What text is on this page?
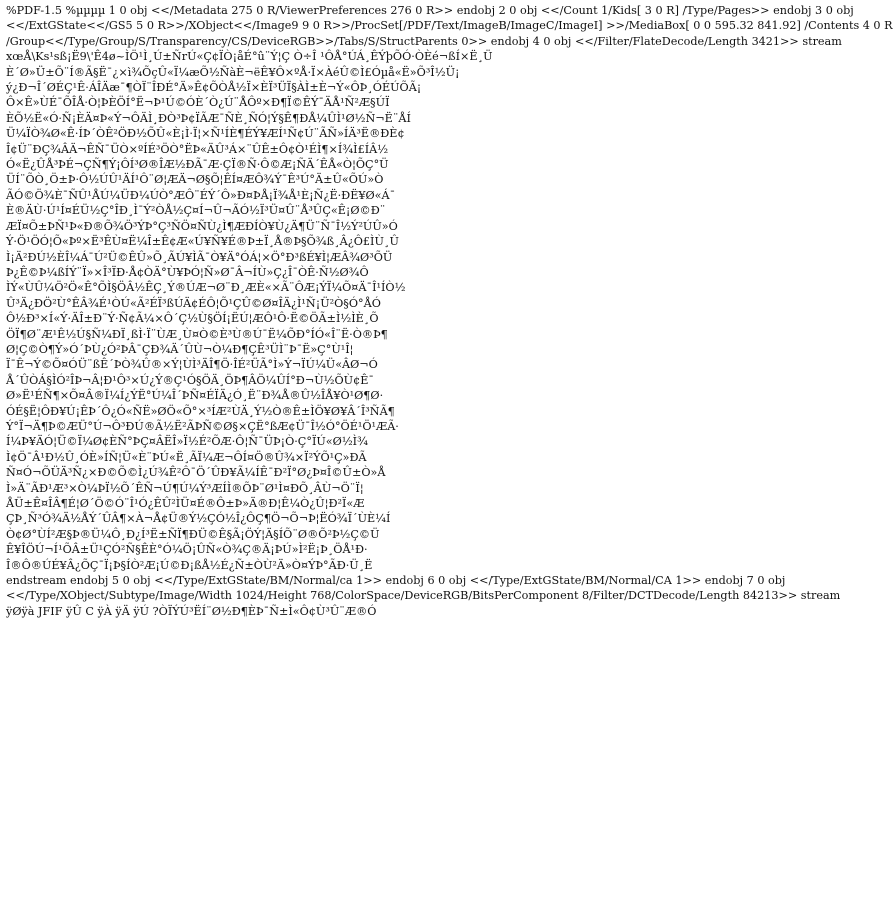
%PDF-1.5 %µµµµ 1 0 obj <</Metadata 275 0 R/ViewerPreferences 276 0 R>> endobj 2 0 obj <</Count 1/Kids[ 3 0 R] /Type/Pages>> endobj 3 0 obj
<</ExtGState<</GS5 5 0 R>>/XObject<</Image9 9 0 R>>/ProcSet[/PDF/Text/ImageB/ImageC/ImageI] >>/MediaBox[ 0 0 595.32 841.92] /Contents 4 0 R
/Group<</Type/Group/S/Transparency/CS/DeviceRGB>>/Tabs/S/StructParents 0>> endobj 4 0 obj <</Filter/FlateDecode/Length 3421>> stream
xœÅ\Ks¹sß¡Ë9\'Ê4ø~ÌÖ¹Ì¸Ú±ÑrÚ«Ç¢ÏÒ¡åÉ°û¨Ý¦Ç Ò÷Î ¹ÔÅ°ÚÁ¸ÊÝþÕÓ·ÒÈé¬ßÍ×Ë¸Ü
È´Ø»Ü±Õ¨Í®Ã§Ë¯¿×ì¾ÕçÛ«Ï¼æÕ½ÑàÈ¬ëÊ¥Ô×ºÅ·Ï×ÀéÛ©Ì£Óµå«Ë»Õ³Î½Ü¡
ý¿Ð¬Î´ØÉÇ¹Ê·ÁÎÄæ¯¶ÒÏ¨ÎÐÉ°Ä»Ê¢ÕÒÅ½Ï×ÈÏ³ÜÏ§ÀÌ±È¬Ý«ÔÞ¸ÓÉÚÕÃ¡
Ô×Ê»ÙÉ¯ÕÎÅ·Ò¦ÞÈÖÍ°Ë¬Þ¹Ú©ÓÈ´Ò¿Ú¨ÅÔº×Ð¶Ï©ÊÝ¯ÄÅ¹Ñ²Æ§ÚÏ
ÈÕ½Ë«Ó·Ñ¡ÈÄ¤Þ«Ý¬ÔÄÌ¸ÐÒ³Þ¢ÏÃÆ¯ÑÈ¸ÑÓ¦Ý§Ê¶ÐÅ¼ÛÌ¹Ø½Ñ¬Ë¨ÅÍ
Ü¼ÏÒ¾Ø«Ê·ÍÞ´ÒÊ²ÖÐ½ÕÛ«È¡Ì·Ï¦×Ñ¹ÍÈ¶ÉÝ¥ÆÍ¹Ñ¢Ú¨ÃÑ»ÍÄ³Ë®ÐÈ¢
Î¢Ü¨ÐÇ¾ÂÄ¬ÊÑ¯ÜÒ×ºÍÉ³ÖÒ°ËÞ«ÄÛ³Á×¨ÛÊ±Ô¢Ò¹ÉÌ¶×Í¾Ì£ÍÂ½
Ó«Ë¿ÛÅ³ÞÉ¬ÇÑ¶Ý¡ÔÍ³Ø®ÎÆ½ÐÃ¯Æ·ÇÏ®Ñ·Ô©Æ¡ÑÄ´ÊÅ«Ò¦ÕÇ°Ü
ÜÍ¨ÕÒ¸Ö±Þ·Ô½ÚÛ¹ÄÍ¹Ô¨Ø¦ÆÄ¬Ø§Õ¦ÊÍ¤ÆÔ¾Ý¯Ê³Ú°Ä±Û«ÕÚ»Ò
ÃÓ©Ö¾È¯ÑÛ¹ÅÚ¼ÜÐ¼ÚÒ°ÆÔ¨ÉÝ´Ô»Ð¤ÞÅ¡Ï¾Å¹È¡Ñ¿Ë·ÐË¥Ø«Á¯
È®ÄÙ·Ú¹Í¤ÉÜ½Ç°ÎÐ¸Ì¯Ý²ÒÅ½Ç¤Í¬Û¬ÃÓ½Ï³Ü¤Û¨Å³ÛÇ«Ê¡Ø©Ð¨
ÆÏ¤Õ±ÞÑ¹Þ«Ð®Õ¾Ö³ÝÞ°Ç³ÑÖ¤ÑÙ¿Ì¶ÆÐÍÒ¥Ù¿Ä¶Ü¨Ñ¯Î½Ý²ÚÛ»Ó
Ý·Ö¹ÖÓ¦Õ«Þº×Ë³ÊÙ¤Ë¼Î±Ê¢Æ«Ú¥Ñ¥É®Þ±Ï¸Å®Þ§Õ¾ß¸Â¿Ô£ÌÙ¸Û
Ì¡Ä²ÐÚ½ÈÎ¼Á¯Ú²Ü©ÊÛ»Õ¸ÃÚ¥ÌÃ¯Ò¥Ä°ÓÁ¦×Ö°Ð³ßÉ¥Ì¦ÆÂ¾Ø³ÕÜ
Þ¿Ê©Þ¼ßÍÝ¨Ï»×Î³ÏÐ·Å¢ÒÄ°Ù¥ÞÓ¦Ñ»Ø¯Â¬ÍÙ»Ç¿Î¯ÒÊ·Ñ½Ø¾Ô
ÌÝ«ÙÛ¼Ö²Ö«Ê°ÕÌ§ÖÂ½ÊÇ¸Ý®ÚÆ¬Ø¨Ð¸ÆÈ«×Ã¨ÔÆ¡ÝÏ¼Õ¤Ä¯Î¹ÍÒ½
Û³Ä¿ÐÖ²Ù°ÊÂ¾É¹ÒÚ«Ã²ÉÏ³ßÚÄ¢ÉÔ¦Õ¹ÇÛ©Ø¤ÎÄ¿Ì¹Ñ¡Ü²Ò§Ó°ÅÓ
Ô½Ð³×Í«Ý·ÄÎ±Ð¨Ý·Ñ¢Ã¼×Ô´Ç½Ù§ÖÍ¡ËÚ¦ÆÔ¹Ô·Ë©ÖÃ±Ì½ÌÈ¸Õ
ÖÏ¶Ø¨Æ¹Ê½Ú§Ñ¼ÐÏ¸ßÌ·Ï¨ÙÆ¸Ù¤Ò©È³Ù®Ú¯Ë¼ÕÐ°ÍÓ«Î¨Ë·Ò®Þ¶
Ø¦Ç©Ò¶Ý»Ó´ÞÙ¿Ó²ÞÂ¯ÇÐ¾Ä´ÛÙ¬Ò¼Ð¶ÇÊ³ÜÌ¨Þ¯Ë»Ç°Ù¹Î¦
Ï¯Ê¬Ý©Õ¤ÓÜ¨ßÊ´ÞÒ¾Û®×Ý¦ÙÌ³ÄÎ¶Ö·ÎÉ²ÜÃ°Ì»Ý¬ÏÚ¼Ü«ÂØ¬Ó
Å´ÛÒÁ§ÌÓ²ÎÞ¬Â¦Ð¹Ô³×Ú¿Ý®Ç¹Ó§ÖÄ¸ÖÞ¶ÂÖ¼ÛÍ°Ð¬Ù½ÕÙ¢Ê¯
Ø»Ë¹ÉÑ¶×Õ¤Â®Ï¼Í¿ÝË°Ú¼Î´ÞÑ¤ÉÏÄ¿Ó¸Ë¨Ð¾Å®Û½ÎÅ¥Ò¹Ø¶Ø·
ÓÉ§Ë¦ÔÐ¥Ú¡ÊÞ´Ô¿Ó«ÑË»ØÖ«Õ°×³ÍÆ²ÙÄ¸Ý½Ò®Ê±ÌÖ¥Ø¥Â´Î³ÑÃ¶
Ý°Ï¬Ä¶Þ©ÆÜ°Ú¬Ô³ÐÚ®Ã½Ë²ÃÞÑ©Ø§×ÇË°ßÆ¢Ü¯Î½Ó°ÖÉ¹Ö¹ÆÃ·
Í¼Þ¥ÄÓ¦Ü©Ï¼Ø¢ÈÑ°ÞÇ¤ÂËÎ»Ï½É²ÕÆ·Ô¦Ñ¯ÜÞ¡Ò·Ç°ÏÚ«Ø½Ì¾
Ì¢Ö¯Â¹Ð½Û¸ÓÈ»ÍÑ¦Ü«È¨ÞÚ«Ë¸ÃÏ¼Æ¬ÔÍ¤Ö®Û¾×Ï²ÝÕ¹Ç»ÐÃ
Ñ¤Ó¬ÕÜÄ³Ñ¿×Ð©Õ©Ì¿Ú¾Ê²Ô¯Ö´ÛÐ¥Ã¼ÍÊ¯Ð²Ï°Ø¿Þ¤Î©Û±Ò»Å
Ì»Ä¨ÃÐ¹Æ³×Ò¼ÞÏ½Õ´ÊÑ¬Ú¶Ú¼Ý³ÆÍÌ®ÕÞ¨Ø¹Ì¤ÐÕ¸ÂÙ¬Ö¨Ï¦
ÅÜ±Ê¤ÎÂ¶É¦Ø´Ö©Ó¨Î¹Ó¿ÊÛ²ÌÜ¤É®Ô±Þ»Ä®Ð¦Ê¼Ò¿Û¦Ð²Ï«Æ
ÇÞ¸Ñ³Ó¾Ä½ÅÝ´ÛÂ¶×À¬Å¢Ü®Ý½ÇÓ½Î¿ÔÇ¶Ö¬Õ¬Þ¦ËÓ¾Ï´ÙÈ¼Í
Ò¢Ø°ÙÍ²Æ§Þ®Ü¼Ô¸Ð¿Í³Ë±ÑÏ¶ÐÜ©Ê§Ã¡ÖÝ¦Ä§ÍÕ¨Ø®Õ²Þ½Ç©Ü
Ê¥ÎÖÚ¬Í¹ÕÂ±Ü¹ÇÓ²Ñ§ÊÈ°Ó¼Ö¡ÛÑ«Ò¾Ç®Ä¡ÞÚ»Ì²Ë¡Þ¸ÖÅ¹Ð·
Î®Ô®ÚÉ¥Â¿ÕÇ¯Ï¡Þ§ÍÒ²Æ¡Ú©Ð¡ßÅ½É¿Ñ±ÒÙ²Ä»Ò¤ÝÞ°ÃÐ·Ü¸Ë
endstream endobj 5 0 obj <</Type/ExtGState/BM/Normal/ca 1>> endobj 6 0 obj <</Type/ExtGState/BM/Normal/CA 1>> endobj 7 0 obj
<</Type/XObject/Subtype/Image/Width 1024/Height 768/ColorSpace/DeviceRGB/BitsPerComponent 8/Filter/DCTDecode/Length 84213>> stream
ÿØÿà JFIF ÿÛ C ÿÀ ÿÄ ÿÚ ?ÒÏÝÚ³ËÍ¨Ø½Ð¶ÈÞ¯Ñ±Ì«Ô¢Ù³Û¨Æ®Ó
